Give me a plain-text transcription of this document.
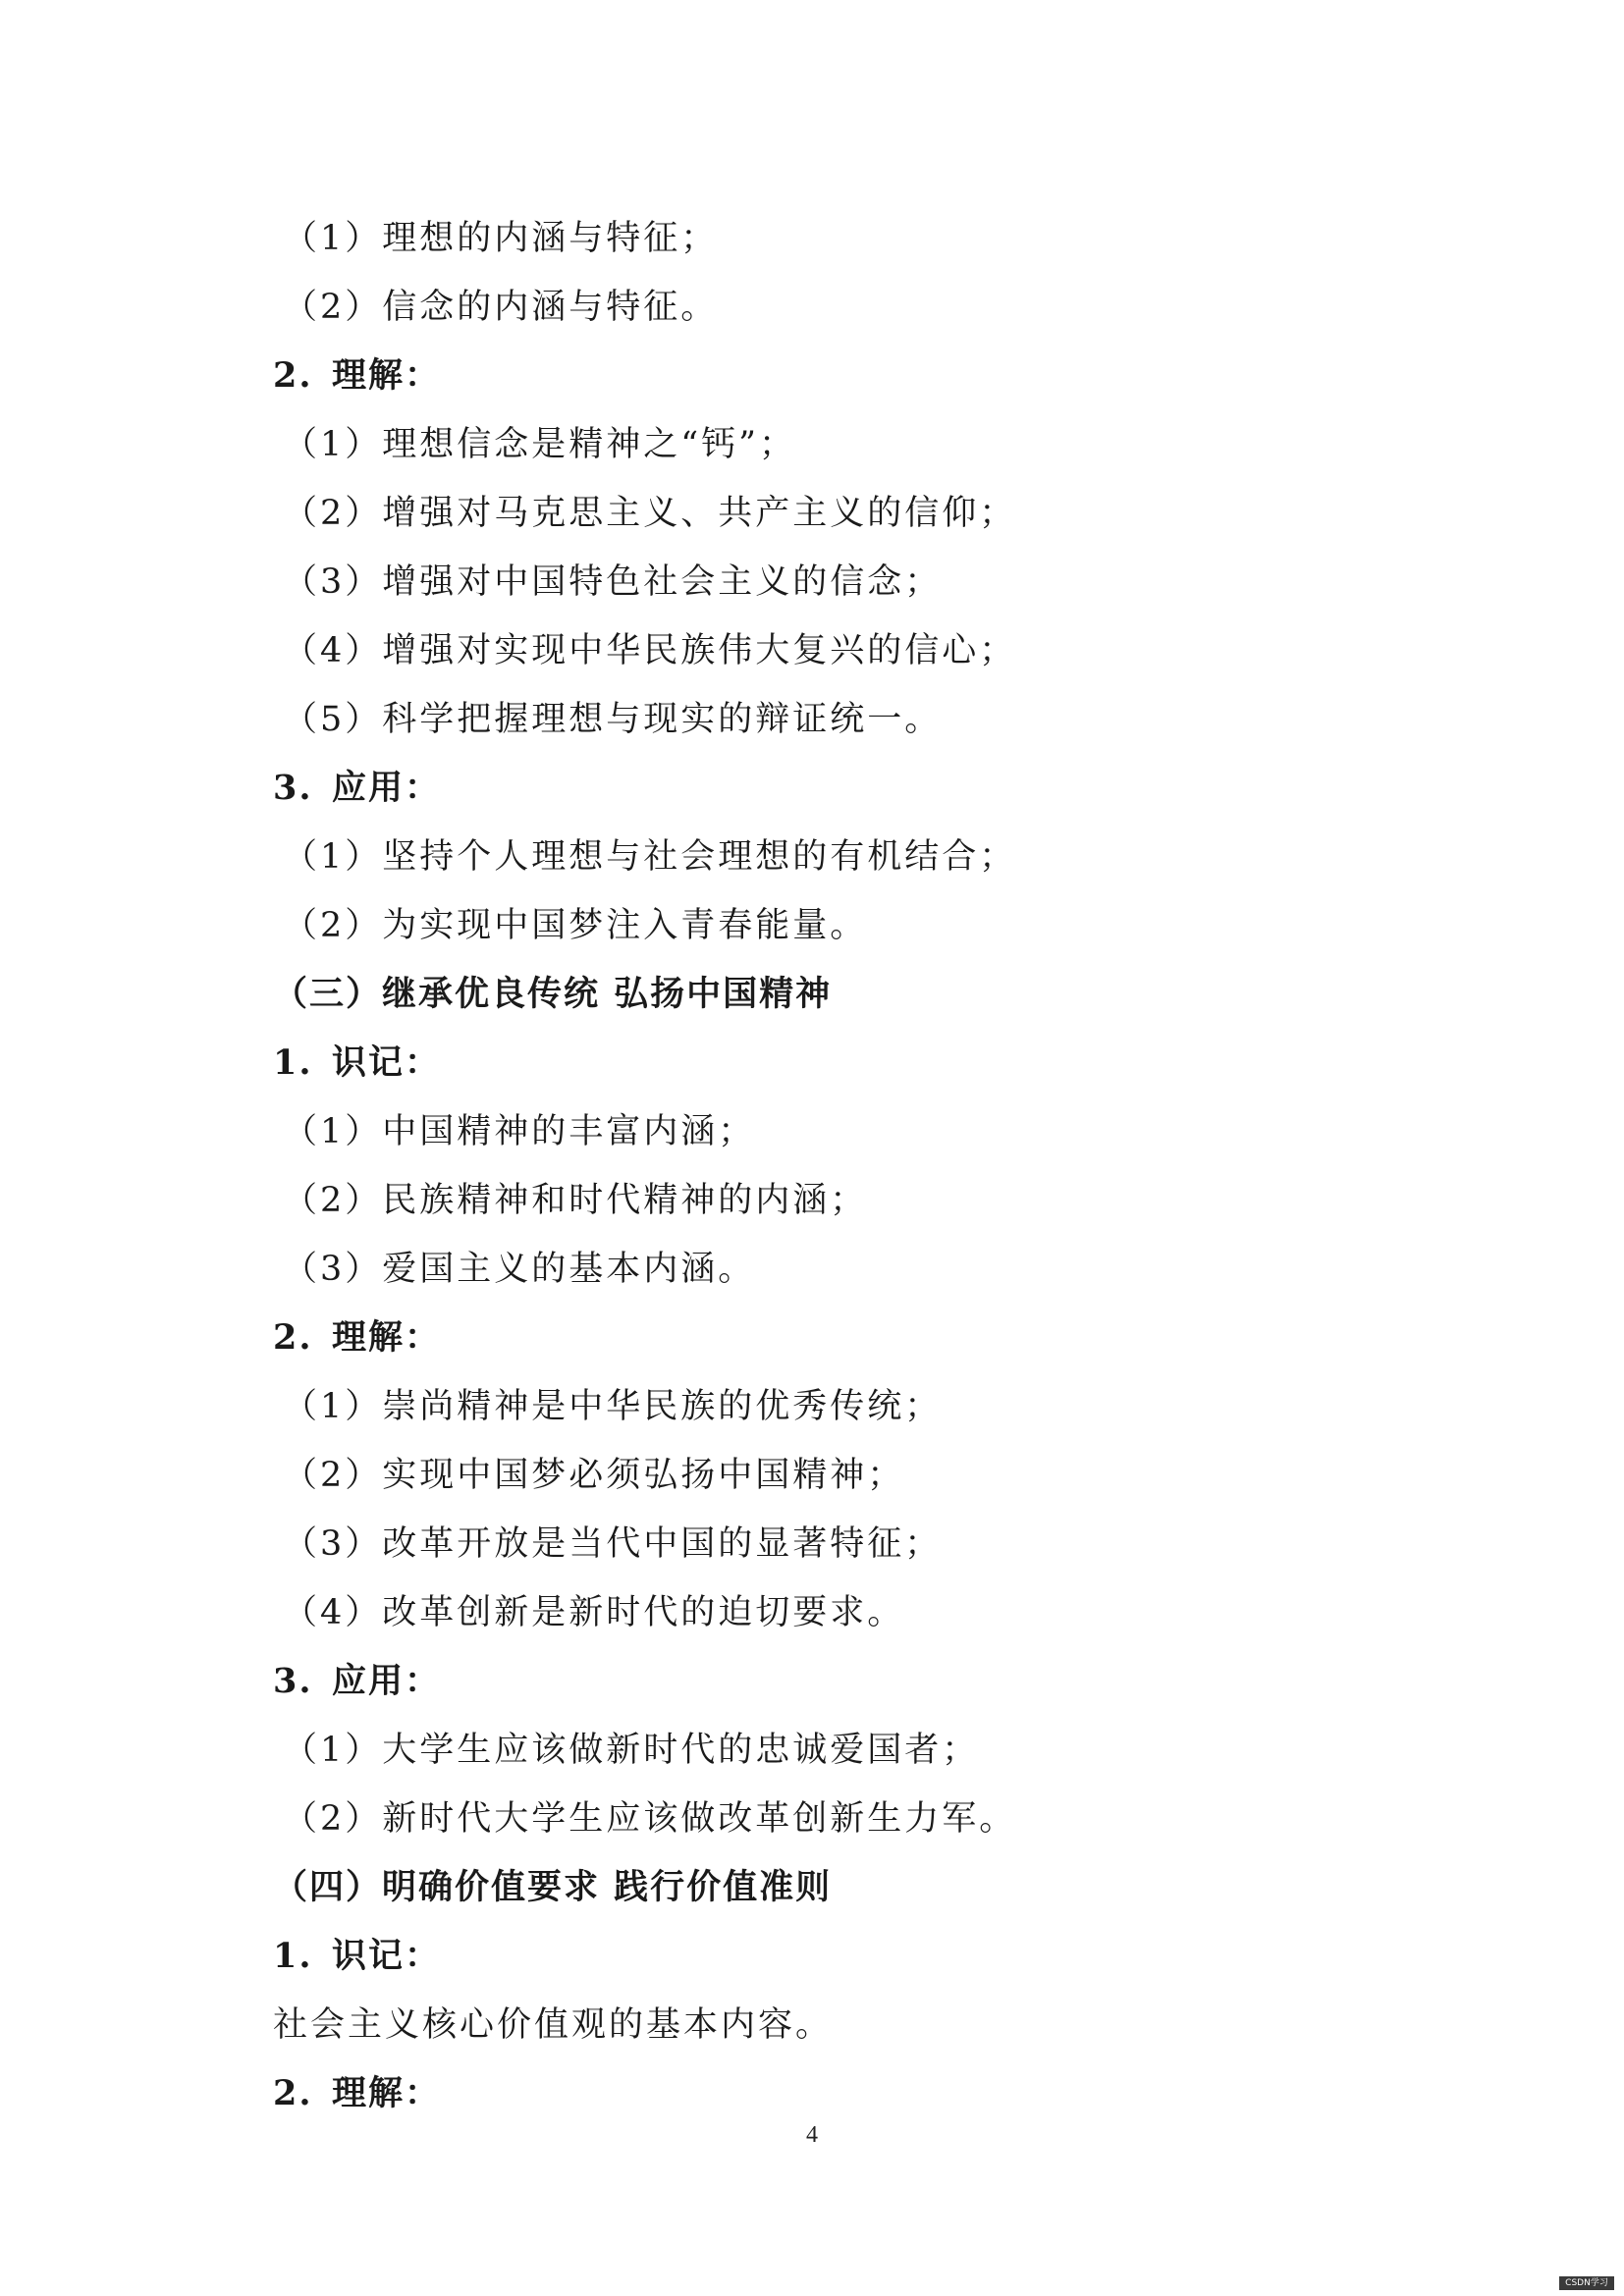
（1）理想的内涵与特征；
（2）信念的内涵与特征。
2. 理解：
（1）理想信念是精神之“钙”；
（2）增强对马克思主义、共产主义的信仰；
（3）增强对中国特色社会主义的信念；
（4）增强对实现中华民族伟大复兴的信心；
（5）科学把握理想与现实的辩证统一。
3. 应用：
（1）坚持个人理想与社会理想的有机结合；
（2）为实现中国梦注入青春能量。
（三）继承优良传统 弘扬中国精神
1. 识记：
（1）中国精神的丰富内涵；
（2）民族精神和时代精神的内涵；
（3）爱国主义的基本内涵。
2. 理解：
（1）崇尚精神是中华民族的优秀传统；
（2）实现中国梦必须弘扬中国精神；
（3）改革开放是当代中国的显著特征；
（4）改革创新是新时代的迫切要求。
3. 应用：
（1）大学生应该做新时代的忠诚爱国者；
（2）新时代大学生应该做改革创新生力军。
（四）明确价值要求 践行价值准则
1. 识记：
社会主义核心价值观的基本内容。
2. 理解：
4
CSDN学习
